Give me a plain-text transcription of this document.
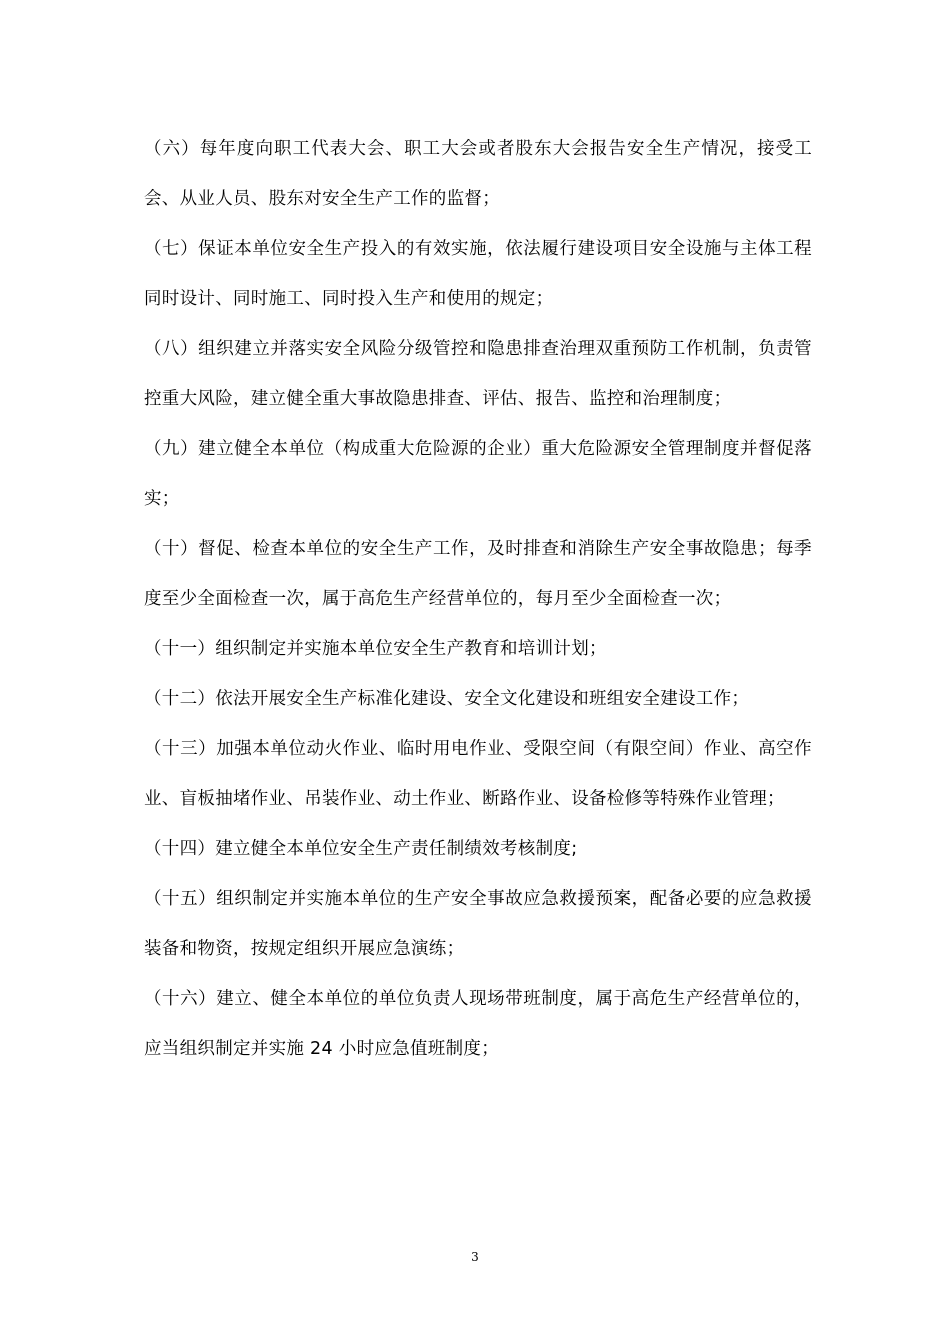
（六）每年度向职工代表大会、职工大会或者股东大会报告安全生产情况，接受工会、从业人员、股东对安全生产工作的监督；

（七）保证本单位安全生产投入的有效实施，依法履行建设项目安全设施与主体工程同时设计、同时施工、同时投入生产和使用的规定；

（八）组织建立并落实安全风险分级管控和隐患排查治理双重预防工作机制，负责管控重大风险，建立健全重大事故隐患排查、评估、报告、监控和治理制度；

（九）建立健全本单位（构成重大危险源的企业）重大危险源安全管理制度并督促落实；

（十）督促、检查本单位的安全生产工作，及时排查和消除生产安全事故隐患；每季度至少全面检查一次，属于高危生产经营单位的，每月至少全面检查一次；

（十一）组织制定并实施本单位安全生产教育和培训计划；

（十二）依法开展安全生产标准化建设、安全文化建设和班组安全建设工作；

（十三）加强本单位动火作业、临时用电作业、受限空间（有限空间）作业、高空作业、盲板抽堵作业、吊装作业、动土作业、断路作业、设备检修等特殊作业管理；

（十四）建立健全本单位安全生产责任制绩效考核制度;

（十五）组织制定并实施本单位的生产安全事故应急救援预案，配备必要的应急救援装备和物资，按规定组织开展应急演练；

（十六）建立、健全本单位的单位负责人现场带班制度，属于高危生产经营单位的，应当组织制定并实施 24 小时应急值班制度；

3
